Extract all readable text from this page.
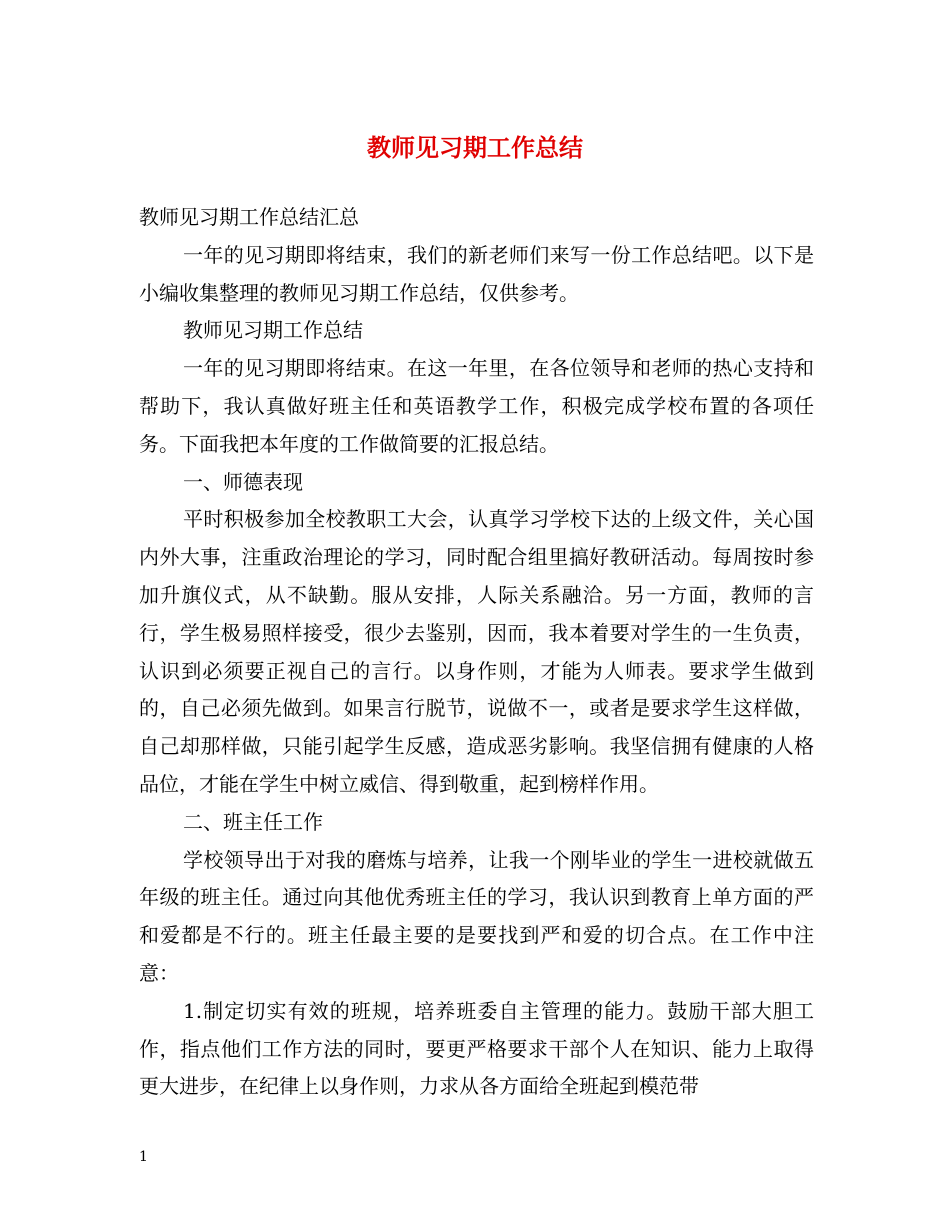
教师见习期工作总结

教师见习期工作总结汇总

一年的见习期即将结束，我们的新老师们来写一份工作总结吧。以下是小编收集整理的教师见习期工作总结，仅供参考。

教师见习期工作总结

一年的见习期即将结束。在这一年里，在各位领导和老师的热心支持和帮助下，我认真做好班主任和英语教学工作，积极完成学校布置的各项任务。下面我把本年度的工作做简要的汇报总结。

一、师德表现

平时积极参加全校教职工大会，认真学习学校下达的上级文件，关心国内外大事，注重政治理论的学习，同时配合组里搞好教研活动。每周按时参加升旗仪式，从不缺勤。服从安排，人际关系融洽。另一方面，教师的言行，学生极易照样接受，很少去鉴别，因而，我本着要对学生的一生负责，认识到必须要正视自己的言行。以身作则，才能为人师表。要求学生做到的，自己必须先做到。如果言行脱节，说做不一，或者是要求学生这样做，自己却那样做，只能引起学生反感，造成恶劣影响。我坚信拥有健康的人格品位，才能在学生中树立威信、得到敬重，起到榜样作用。

二、班主任工作

学校领导出于对我的磨炼与培养，让我一个刚毕业的学生一进校就做五年级的班主任。通过向其他优秀班主任的学习，我认识到教育上单方面的严和爱都是不行的。班主任最主要的是要找到严和爱的切合点。在工作中注意：

1.制定切实有效的班规，培养班委自主管理的能力。鼓励干部大胆工作，指点他们工作方法的同时，要更严格要求干部个人在知识、能力上取得更大进步，在纪律上以身作则，力求从各方面给全班起到模范带

1
